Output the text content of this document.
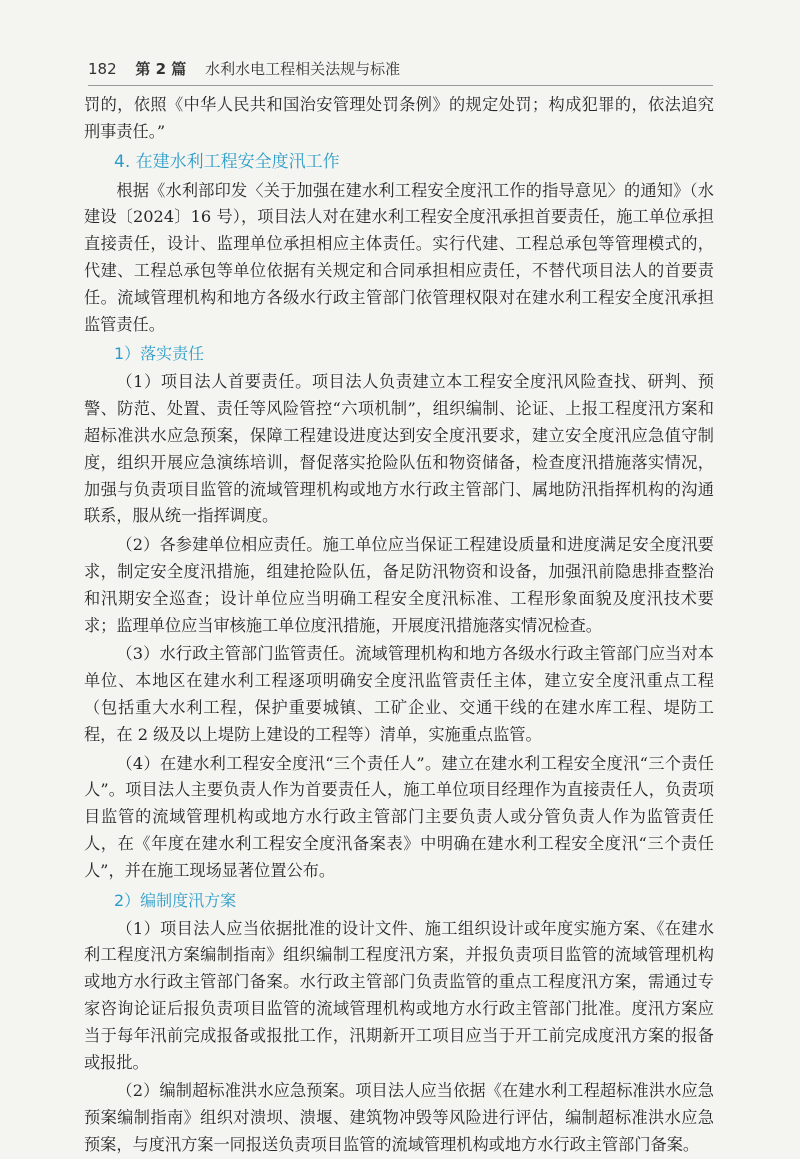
182 第 2 篇 水利水电工程相关法规与标准

罚的，依照《中华人民共和国治安管理处罚条例》的规定处罚；构成犯罪的，依法追究刑事责任。”

4. 在建水利工程安全度汛工作

根据《水利部印发〈关于加强在建水利工程安全度汛工作的指导意见〉的通知》（水建设〔2024〕16 号），项目法人对在建水利工程安全度汛承担首要责任，施工单位承担直接责任，设计、监理单位承担相应主体责任。实行代建、工程总承包等管理模式的，代建、工程总承包等单位依据有关规定和合同承担相应责任，不替代项目法人的首要责任。流域管理机构和地方各级水行政主管部门依管理权限对在建水利工程安全度汛承担监管责任。

1）落实责任

（1）项目法人首要责任。项目法人负责建立本工程安全度汛风险查找、研判、预警、防范、处置、责任等风险管控“六项机制”，组织编制、论证、上报工程度汛方案和超标准洪水应急预案，保障工程建设进度达到安全度汛要求，建立安全度汛应急值守制度，组织开展应急演练培训，督促落实抢险队伍和物资储备，检查度汛措施落实情况，加强与负责项目监管的流域管理机构或地方水行政主管部门、属地防汛指挥机构的沟通联系，服从统一指挥调度。

（2）各参建单位相应责任。施工单位应当保证工程建设质量和进度满足安全度汛要求，制定安全度汛措施，组建抢险队伍，备足防汛物资和设备，加强汛前隐患排查整治和汛期安全巡查；设计单位应当明确工程安全度汛标准、工程形象面貌及度汛技术要求；监理单位应当审核施工单位度汛措施，开展度汛措施落实情况检查。

（3）水行政主管部门监管责任。流域管理机构和地方各级水行政主管部门应当对本单位、本地区在建水利工程逐项明确安全度汛监管责任主体，建立安全度汛重点工程（包括重大水利工程，保护重要城镇、工矿企业、交通干线的在建水库工程、堤防工程，在 2 级及以上堤防上建设的工程等）清单，实施重点监管。

（4）在建水利工程安全度汛“三个责任人”。建立在建水利工程安全度汛“三个责任人”。项目法人主要负责人作为首要责任人，施工单位项目经理作为直接责任人，负责项目监管的流域管理机构或地方水行政主管部门主要负责人或分管负责人作为监管责任人，在《年度在建水利工程安全度汛备案表》中明确在建水利工程安全度汛“三个责任人”，并在施工现场显著位置公布。

2）编制度汛方案

（1）项目法人应当依据批准的设计文件、施工组织设计或年度实施方案、《在建水利工程度汛方案编制指南》组织编制工程度汛方案，并报负责项目监管的流域管理机构或地方水行政主管部门备案。水行政主管部门负责监管的重点工程度汛方案，需通过专家咨询论证后报负责项目监管的流域管理机构或地方水行政主管部门批准。度汛方案应当于每年汛前完成报备或报批工作，汛期新开工项目应当于开工前完成度汛方案的报备或报批。

（2）编制超标准洪水应急预案。项目法人应当依据《在建水利工程超标准洪水应急预案编制指南》组织对溃坝、溃堰、建筑物冲毁等风险进行评估，编制超标准洪水应急预案，与度汛方案一同报送负责项目监管的流域管理机构或地方水行政主管部门备案。
